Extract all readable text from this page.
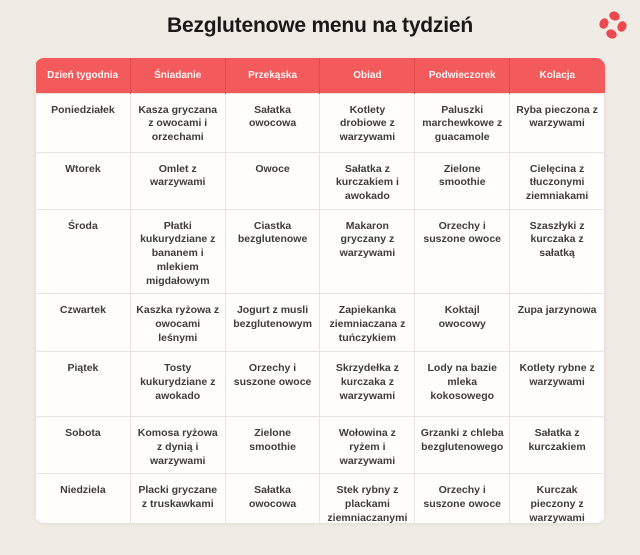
Bezglutenowe menu na tydzień
Dzień tygodnia	Śniadanie	Przekąska	Obiad	Podwieczorek	Kolacja
Poniedziałek	Kasza gryczana z owocami i orzechami	Sałatka owocowa	Kotlety drobiowe z warzywami	Paluszki marchewkowe z guacamole	Ryba pieczona z warzywami
Wtorek	Omlet z warzywami	Owoce	Sałatka z kurczakiem i awokado	Zielone smoothie	Cielęcina z tłuczonymi ziemniakami
Środa	Płatki kukurydziane z bananem i mlekiem migdałowym	Ciastka bezglutenowe	Makaron gryczany z warzywami	Orzechy i suszone owoce	Szaszłyki z kurczaka z sałatką
Czwartek	Kaszka ryżowa z owocami leśnymi	Jogurt z musli bezglutenowym	Zapiekanka ziemniaczana z tuńczykiem	Koktajl owocowy	Zupa jarzynowa
Piątek	Tosty kukurydziane z awokado	Orzechy i suszone owoce	Skrzydełka z kurczaka z warzywami	Lody na bazie mleka kokosowego	Kotlety rybne z warzywami
Sobota	Komosa ryżowa z dynią i warzywami	Zielone smoothie	Wołowina z ryżem i warzywami	Grzanki z chleba bezglutenowego	Sałatka z kurczakiem
Niedziela	Placki gryczane z truskawkami	Sałatka owocowa	Stek rybny z plackami ziemniaczanymi	Orzechy i suszone owoce	Kurczak pieczony z warzywami
